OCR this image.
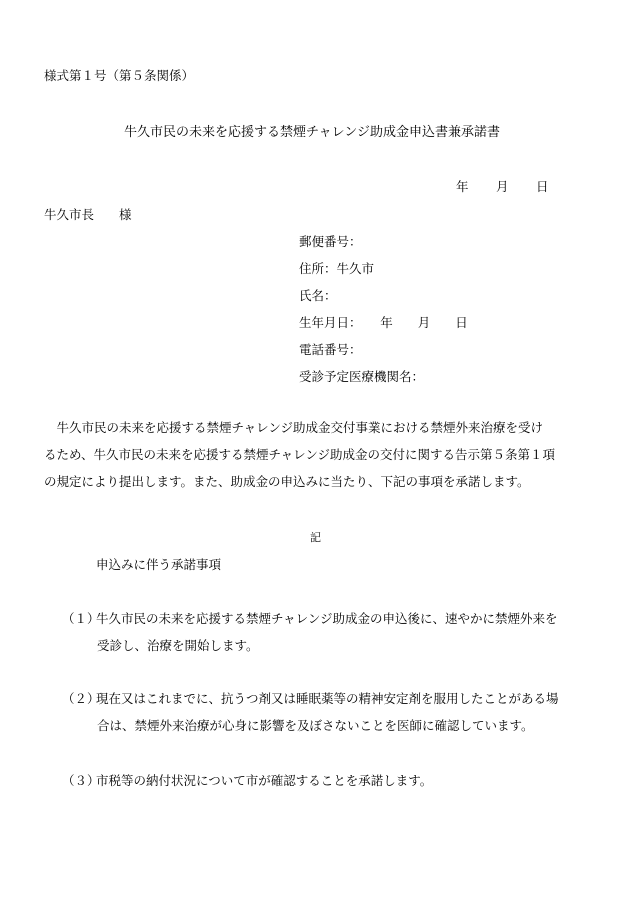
様式第１号（第５条関係）
牛久市民の未来を応援する禁煙チャレンジ助成金申込書兼承諾書
年 月 日
牛久市長　　様
郵便番号：
住所：牛久市
氏名：
生年月日：　　年　　月　　日
電話番号：
受診予定医療機関名：
　牛久市民の未来を応援する禁煙チャレンジ助成金交付事業における禁煙外来治療を受け
るため、牛久市民の未来を応援する禁煙チャレンジ助成金の交付に関する告示第５条第１項
の規定により提出します。また、助成金の申込みに当たり、下記の事項を承諾します。
記
申込みに伴う承諾事項
（１）牛久市民の未来を応援する禁煙チャレンジ助成金の申込後に、速やかに禁煙外来を
受診し、治療を開始します。
（２）現在又はこれまでに、抗うつ剤又は睡眠薬等の精神安定剤を服用したことがある場
合は、禁煙外来治療が心身に影響を及ぼさないことを医師に確認しています。
（３）市税等の納付状況について市が確認することを承諾します。
